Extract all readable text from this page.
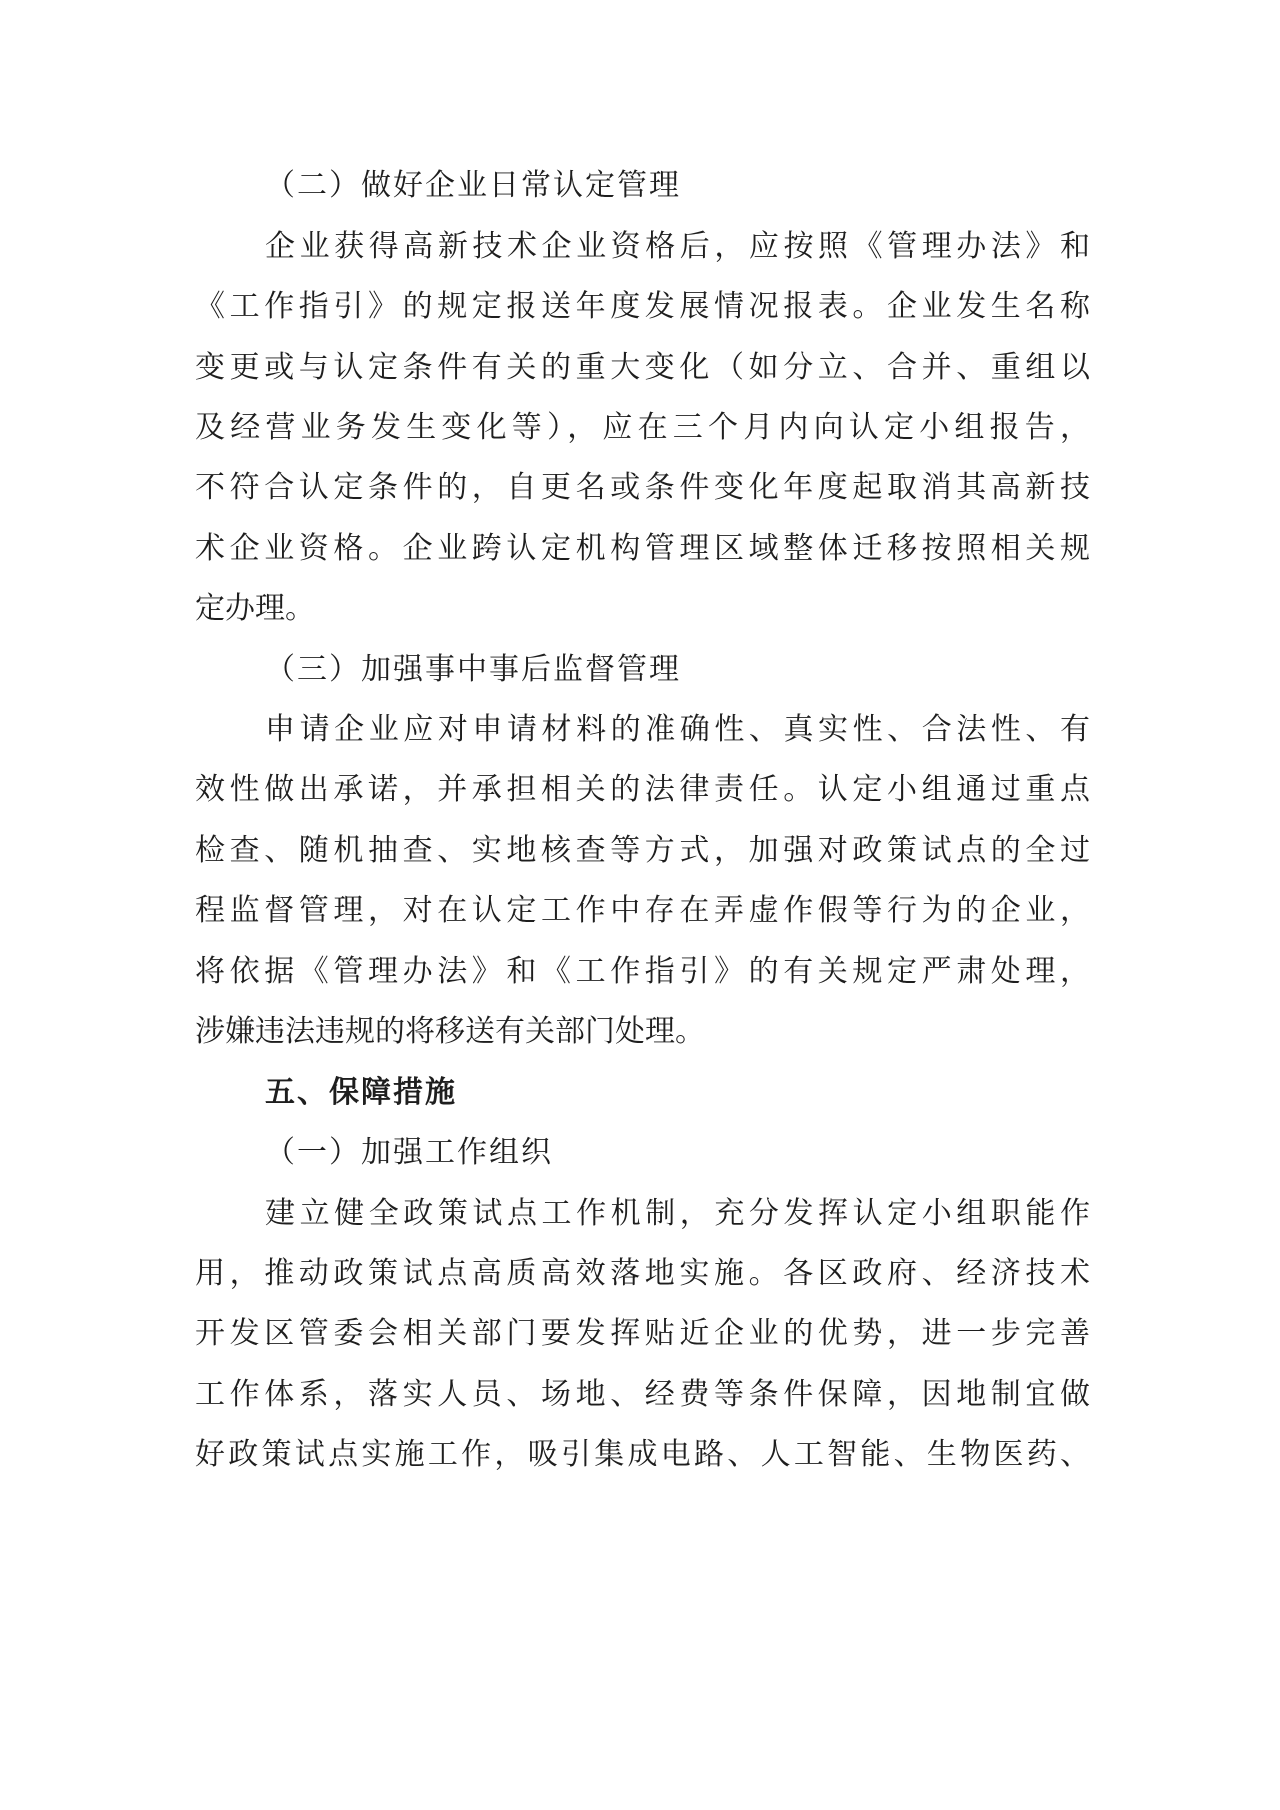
（二）做好企业日常认定管理
企业获得高新技术企业资格后，应按照《管理办法》和
《工作指引》的规定报送年度发展情况报表。企业发生名称
变更或与认定条件有关的重大变化（如分立、合并、重组以
及经营业务发生变化等），应在三个月内向认定小组报告，
不符合认定条件的，自更名或条件变化年度起取消其高新技
术企业资格。企业跨认定机构管理区域整体迁移按照相关规
定办理。
（三）加强事中事后监督管理
申请企业应对申请材料的准确性、真实性、合法性、有
效性做出承诺，并承担相关的法律责任。认定小组通过重点
检查、随机抽查、实地核查等方式，加强对政策试点的全过
程监督管理，对在认定工作中存在弄虚作假等行为的企业，
将依据《管理办法》和《工作指引》的有关规定严肃处理，
涉嫌违法违规的将移送有关部门处理。
五、保障措施
（一）加强工作组织
建立健全政策试点工作机制，充分发挥认定小组职能作
用，推动政策试点高质高效落地实施。各区政府、经济技术
开发区管委会相关部门要发挥贴近企业的优势，进一步完善
工作体系，落实人员、场地、经费等条件保障，因地制宜做
好政策试点实施工作，吸引集成电路、人工智能、生物医药、
